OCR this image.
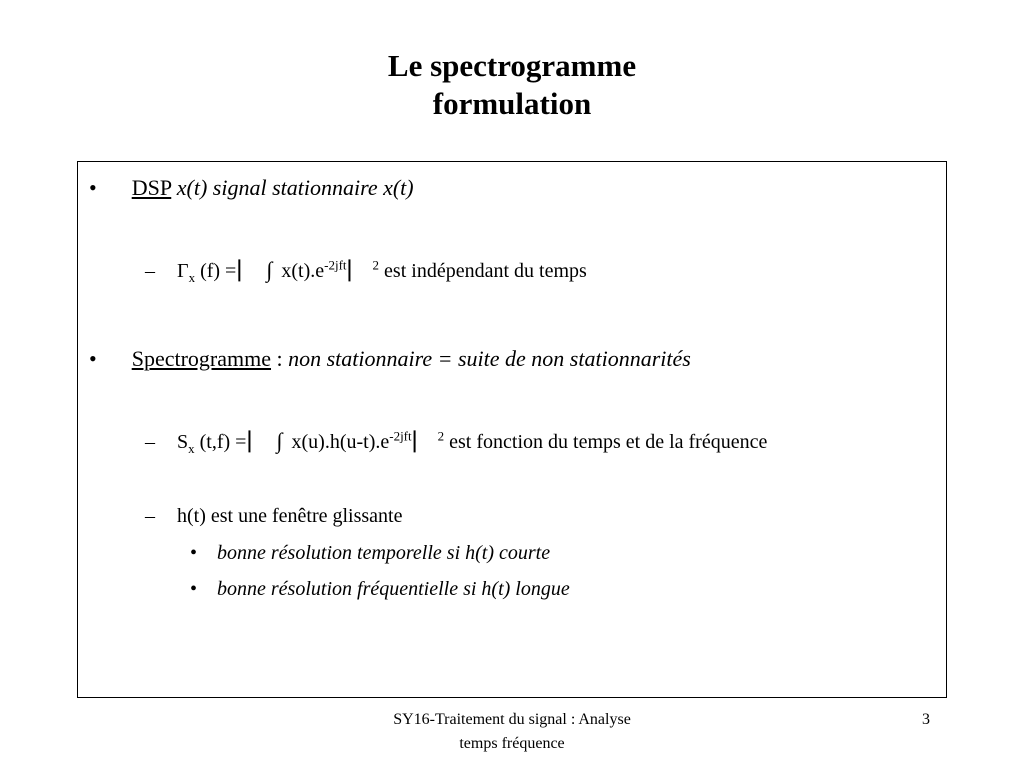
Le spectrogramme
formulation
• DSP x(t) signal stationnaire x(t)
– $\Gamma_x$ (f) =⎸ ∫ $x(t).e^{-2jft}⎸$ $^2$ est indépendant du temps
• Spectrogramme : non stationnaire = suite de non stationnarités
– $S_x$ (t,f) =⎸ ∫ $x(u).h(u-t).e^{-2jft}⎸$ $^2$ est fonction du temps et de la fréquence
– h(t) est une fenêtre glissante
• bonne résolution temporelle si h(t) courte
• bonne résolution fréquentielle si h(t) longue
SY16-Traitement du signal : Analyse
temps fréquence
3
